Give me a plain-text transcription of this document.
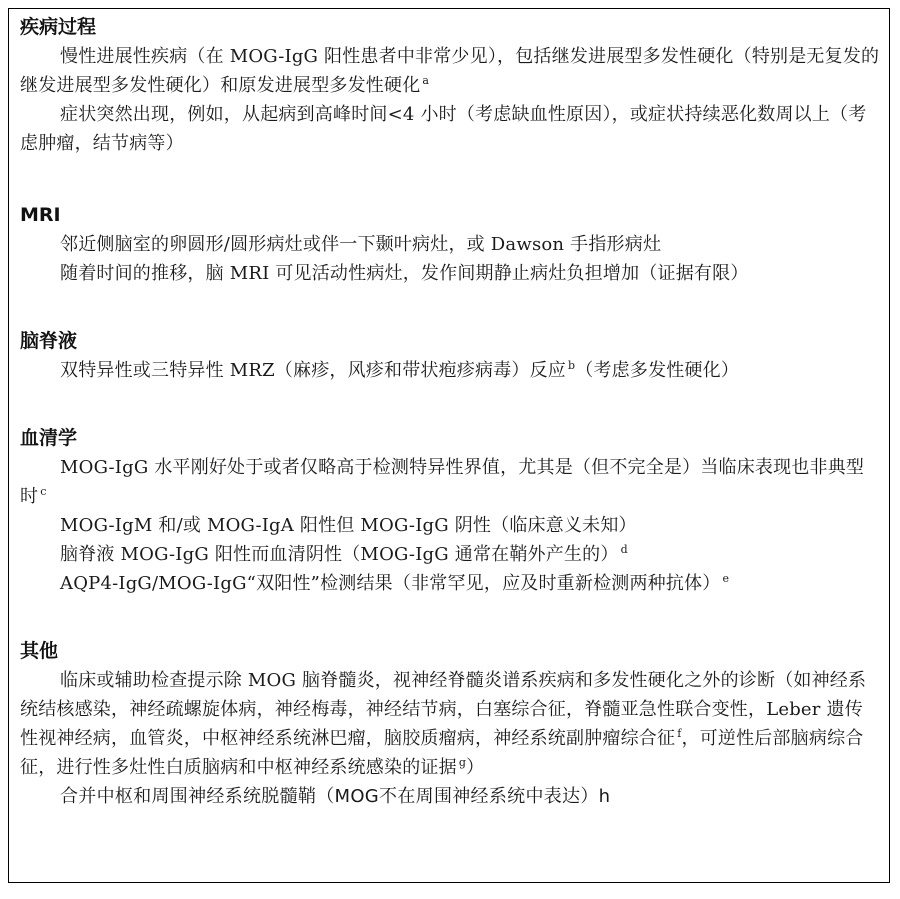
疾病过程

慢性进展性疾病（在 MOG-IgG 阳性患者中非常少见），包括继发进展型多发性硬化（特别是无复发的继发进展型多发性硬化）和原发进展型多发性硬化 $^a$

症状突然出现，例如，从起病到高峰时间<4 小时（考虑缺血性原因），或症状持续恶化数周以上（考虑肿瘤，结节病等）

MRI

邻近侧脑室的卵圆形/圆形病灶或伴一下颞叶病灶，或 Dawson 手指形病灶

随着时间的推移，脑 MRI 可见活动性病灶，发作间期静止病灶负担增加（证据有限）

脑脊液

双特异性或三特异性 MRZ（麻疹，风疹和带状疱疹病毒）反应 $^b$（考虑多发性硬化）

血清学

MOG-IgG 水平刚好处于或者仅略高于检测特异性界值，尤其是（但不完全是）当临床表现也非典型时 $^c$

MOG-IgM 和/或 MOG-IgA 阳性但 MOG-IgG 阴性（临床意义未知）

脑脊液 MOG-IgG 阳性而血清阴性（MOG-IgG 通常在鞘外产生的） $^d$

AQP4-IgG/MOG-IgG“双阳性”检测结果（非常罕见，应及时重新检测两种抗体） $^e$

其他

临床或辅助检查提示除 MOG 脑脊髓炎，视神经脊髓炎谱系疾病和多发性硬化之外的诊断（如神经系统结核感染，神经疏螺旋体病，神经梅毒，神经结节病，白塞综合征，脊髓亚急性联合变性，Leber 遗传性视神经病，血管炎，中枢神经系统淋巴瘤，脑胶质瘤病，神经系统副肿瘤综合征 $^f$，可逆性后部脑病综合征，进行性多灶性白质脑病和中枢神经系统感染的证据 $^g$）

合并中枢和周围神经系统脱髓鞘（MOG不在周围神经系统中表达）h
